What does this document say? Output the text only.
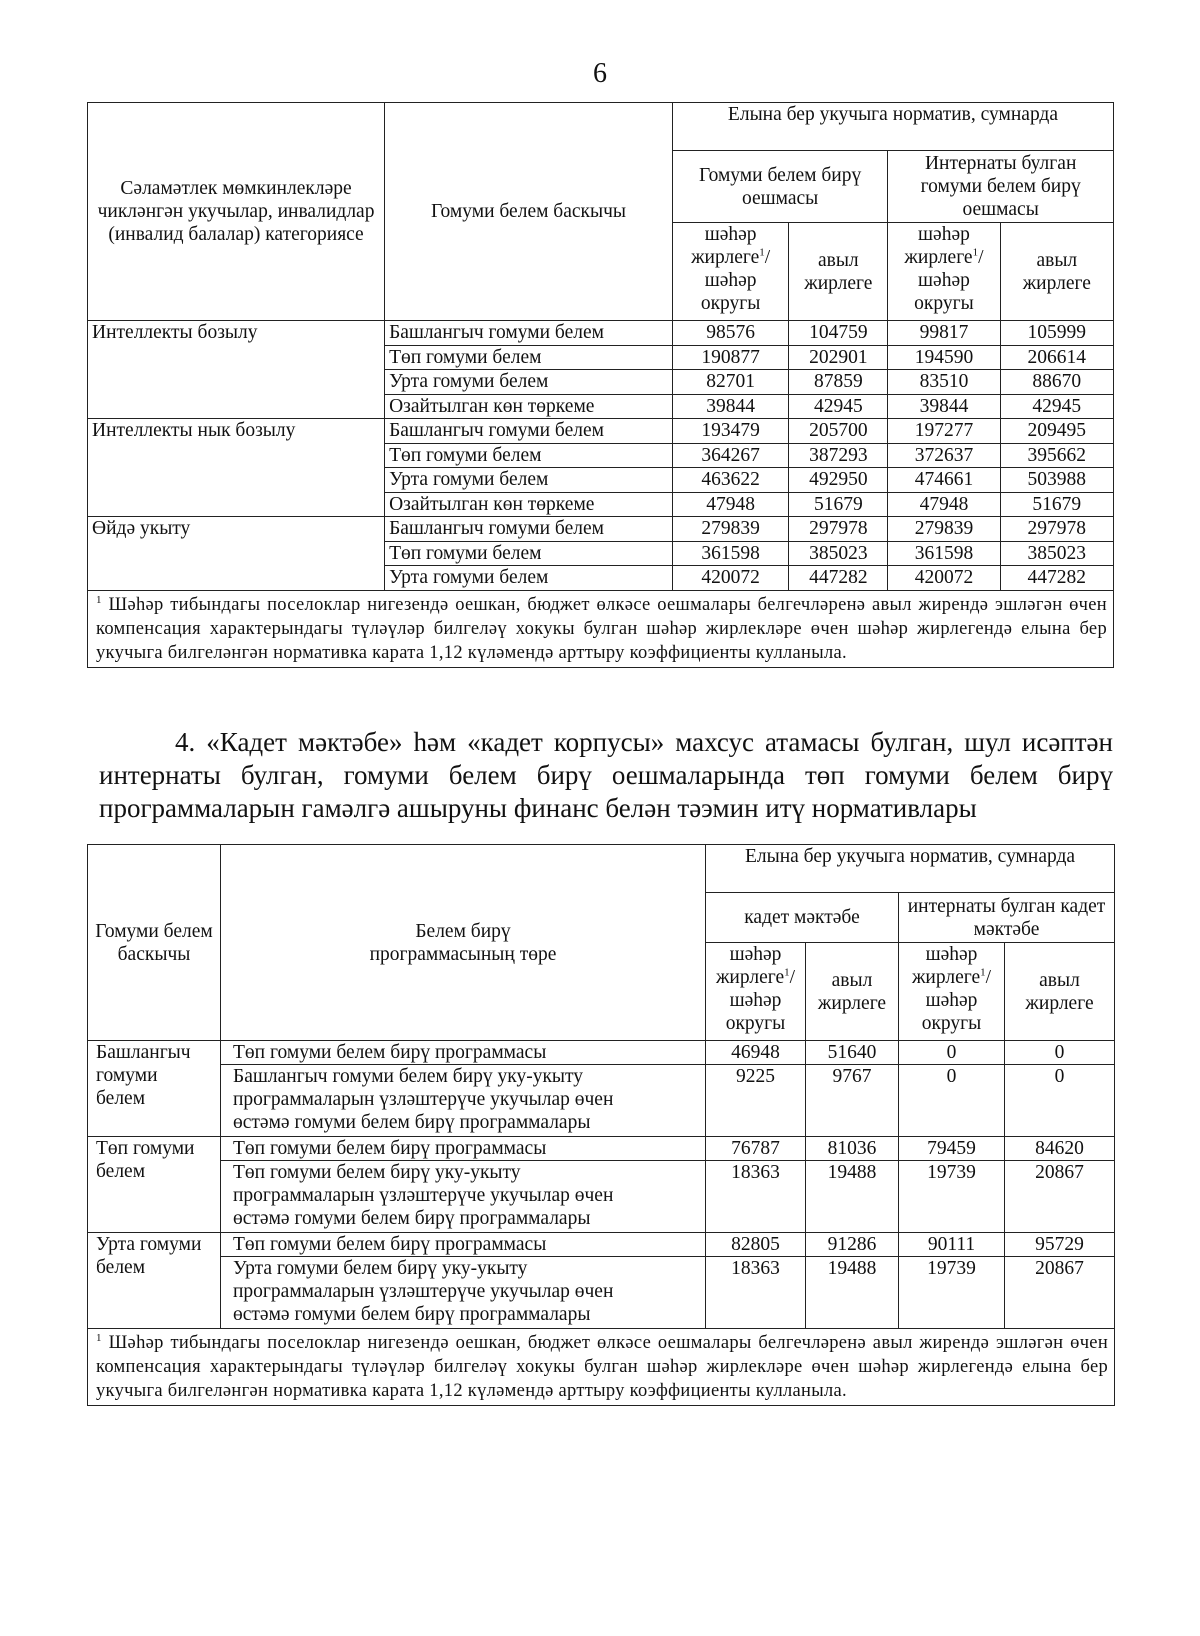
6
Сәламәтлек мөмкинлекләре чикләнгән укучылар, инвалидлар (инвалид балалар) категориясе	Гомуми белем баскычы	Елына бер укучыга норматив, сумнарда			
		Гомуми белем бирү оешмасы		Интернаты булган гомуми белем бирү оешмасы	
		шәһәр жирлеге$^1$/ шәһәр округы	авыл жирлеге	шәһәр жирлеге$^1$/ шәһәр округы	авыл жирлеге
Интеллекты бозылу	Башлангыч гомуми белем	98576	104759	99817	105999
	Төп гомуми белем	190877	202901	194590	206614
	Урта гомуми белем	82701	87859	83510	88670
	Озайтылган көн төркеме	39844	42945	39844	42945
Интеллекты нык бозылу	Башлангыч гомуми белем	193479	205700	197277	209495
	Төп гомуми белем	364267	387293	372637	395662
	Урта гомуми белем	463622	492950	474661	503988
	Озайтылган көн төркеме	47948	51679	47948	51679
Өйдә укыту	Башлангыч гомуми белем	279839	297978	279839	297978
	Төп гомуми белем	361598	385023	361598	385023
	Урта гомуми белем	420072	447282	420072	447282
$^1$ Шәһәр тибындагы поселоклар нигезендә оешкан, бюджет өлкәсе оешмалары белгечләренә авыл жирендә эшләгән өчен компенсация характерындагы түләүләр билгеләү хокукы булган шәһәр жирлекләре өчен шәһәр жирлегендә елына бер укучыга билгеләнгән нормативка карата 1,12 күләмендә арттыру коэффициенты кулланыла.					
4. «Кадет мәктәбе» һәм «кадет корпусы» махсус атамасы булган, шул исәптән интернаты булган, гомуми белем бирү оешмаларында төп гомуми белем бирү программаларын гамәлгә ашыруны финанс белән тәэмин итү нормативлары
Гомуми белем баскычы	Белем бирү программасының төре	Елына бер укучыга норматив, сумнарда			
		кадет мәктәбе		интернаты булган кадет мәктәбе	
		шәһәр жирлеге$^1$/ шәһәр округы	авыл жирлеге	шәһәр жирлеге$^1$/ шәһәр округы	авыл жирлеге
Башлангыч гомуми белем	Төп гомуми белем бирү программасы	46948	51640	0	0
	Башлангыч гомуми белем бирү уку-укыту программаларын үзләштерүче укучылар өчен өстәмә гомуми белем бирү программалары	9225	9767	0	0
Төп гомуми белем	Төп гомуми белем бирү программасы	76787	81036	79459	84620
	Төп гомуми белем бирү уку-укыту программаларын үзләштерүче укучылар өчен өстәмә гомуми белем бирү программалары	18363	19488	19739	20867
Урта гомуми белем	Төп гомуми белем бирү программасы	82805	91286	90111	95729
	Урта гомуми белем бирү уку-укыту программаларын үзләштерүче укучылар өчен өстәмә гомуми белем бирү программалары	18363	19488	19739	20867
$^1$ Шәһәр тибындагы поселоклар нигезендә оешкан, бюджет өлкәсе оешмалары белгечләренә авыл жирендә эшләгән өчен компенсация характерындагы түләүләр билгеләү хокукы булган шәһәр жирлекләре өчен шәһәр жирлегендә елына бер укучыга билгеләнгән нормативка карата 1,12 күләмендә арттыру коэффициенты кулланыла.					
